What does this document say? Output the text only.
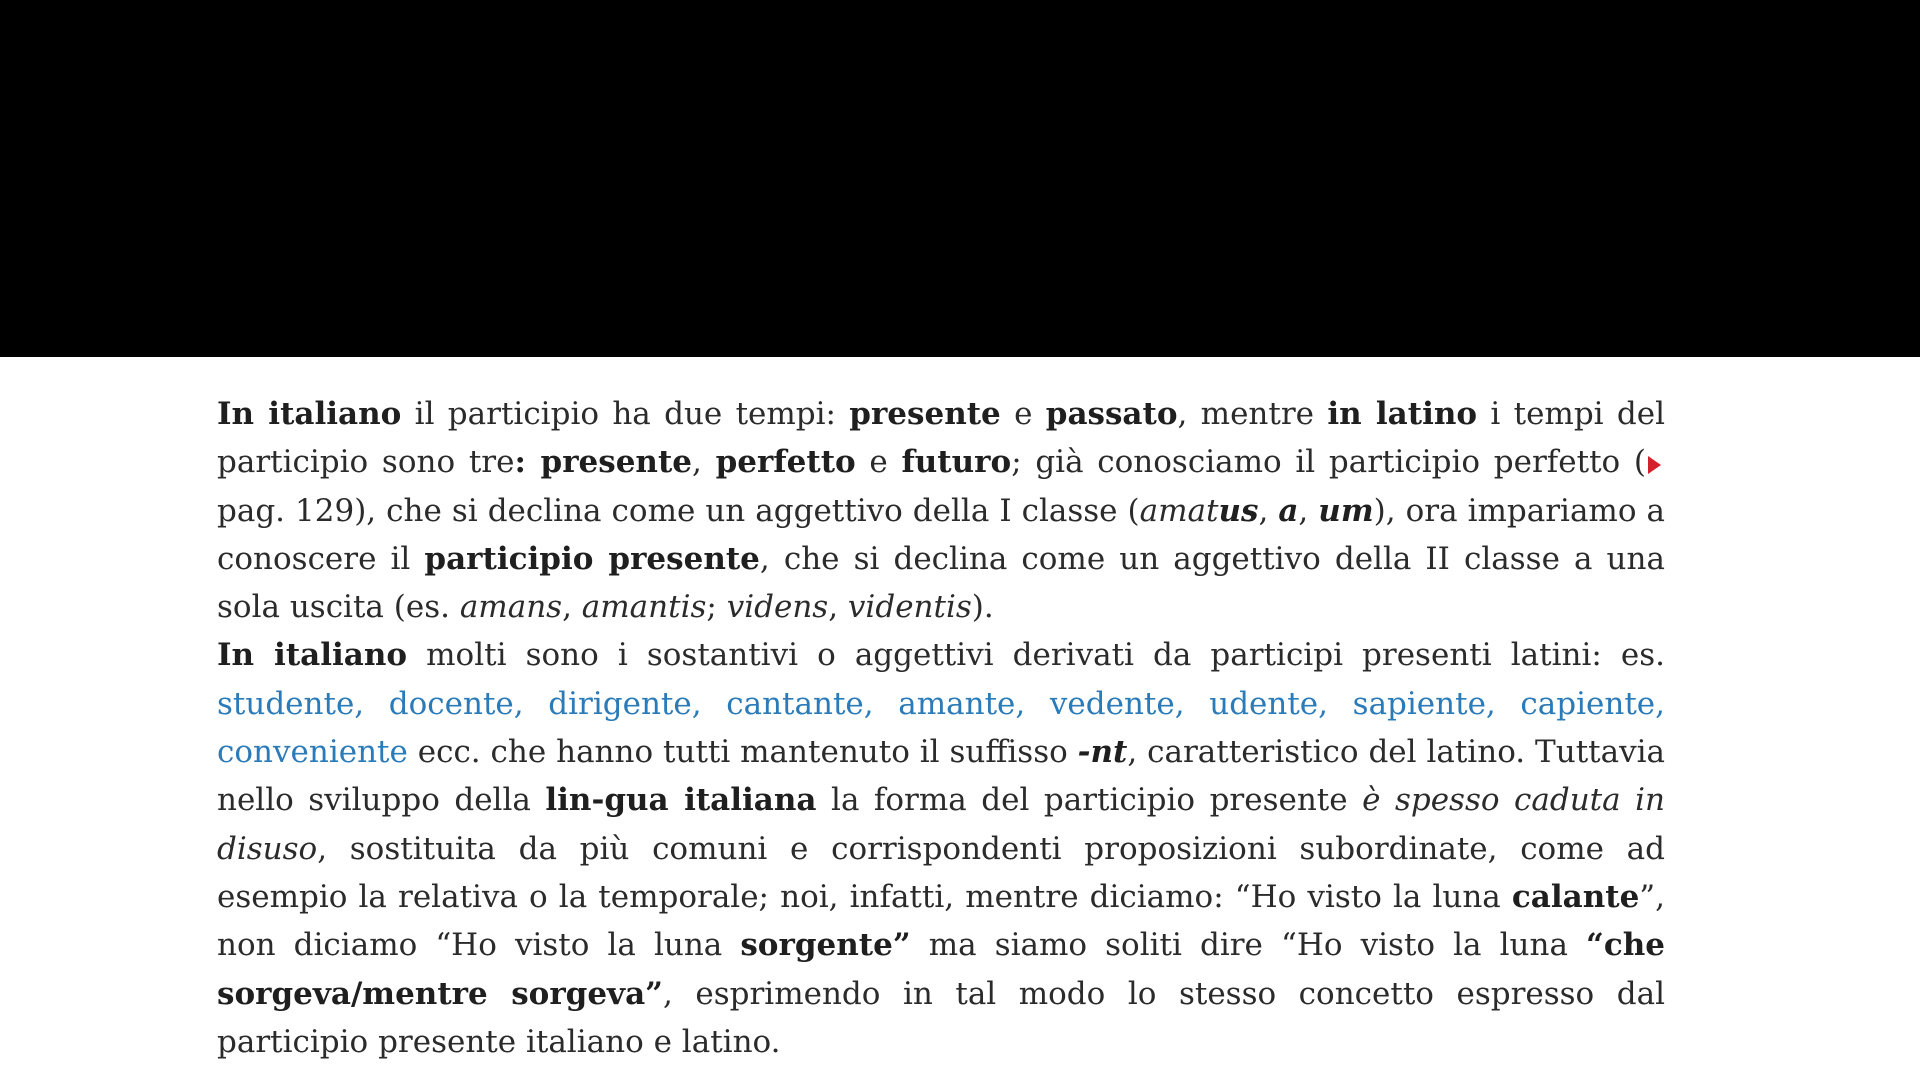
In italiano il participio ha due tempi: presente e passato, mentre in latino i tempi del participio sono tre: presente, perfetto e futuro; già conosciamo il participio perfetto (pag. 129), che si declina come un aggettivo della I classe (amatus, a, um), ora impariamo a conoscere il participio presente, che si declina come un aggettivo della II classe a una sola uscita (es. amans, amantis; videns, videntis).

In italiano molti sono i sostantivi o aggettivi derivati da participi presenti latini: es. studente, docente, dirigente, cantante, amante, vedente, udente, sapiente, capiente, conveniente ecc. che hanno tutti mantenuto il suffisso -nt, caratteristico del latino. Tuttavia nello sviluppo della lin-gua italiana la forma del participio presente è spesso caduta in disuso, sostituita da più comuni e corrispondenti proposizioni subordinate, come ad esempio la relativa o la temporale; noi, infatti, mentre diciamo: “Ho visto la luna calante”, non diciamo “Ho visto la luna sorgente” ma siamo soliti dire “Ho visto la luna “che sorgeva/mentre sorgeva”, esprimendo in tal modo lo stesso concetto espresso dal participio presente italiano e latino.
